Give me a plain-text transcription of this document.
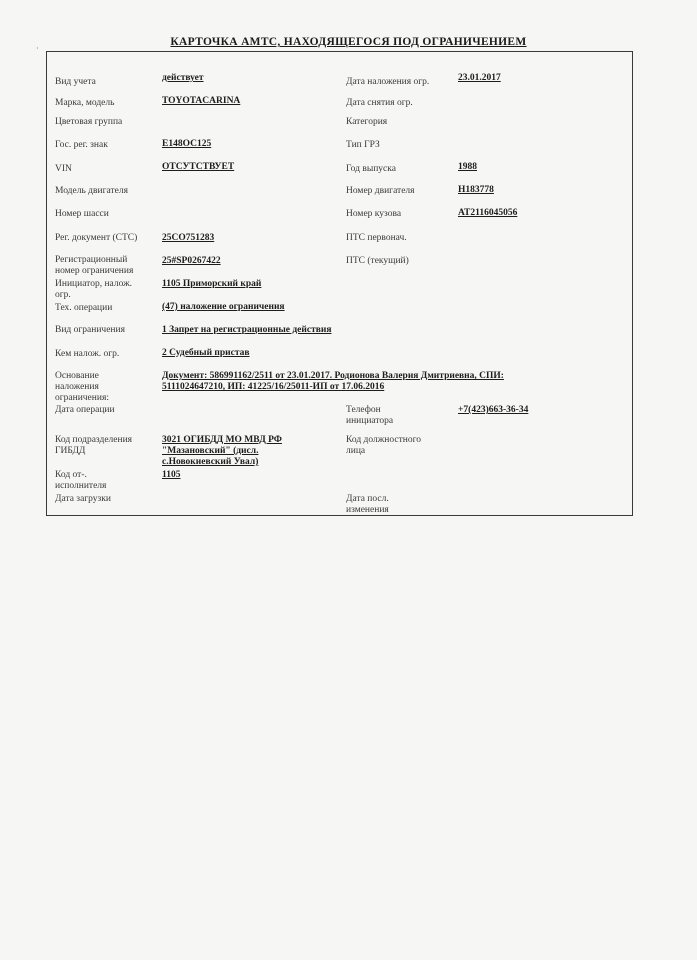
КАРТОЧКА АМТС, НАХОДЯЩЕГОСЯ ПОД ОГРАНИЧЕНИЕМ
·
Вид учета
Марка, модель
Цветовая группа
Гос. рег. знак
VIN
Модель двигателя
Номер шасси
Рег. документ (СТС)
Регистрационный
номер ограничения
Инициатор, налож.
огр.
Тех. операции
Вид ограничения
Кем налож. огр.
Основание
наложения
ограничения:
Дата операции
Код подразделения
ГИБДД
Код от-.
исполнителя
Дата загрузки
действует
TOYOTACARINA
Е148ОС125
ОТСУТСТВУЕТ
25СО751283
25#SP0267422
1105 Приморский край
(47) наложение ограничения
1 Запрет на регистрационные действия
2 Судебный пристав
Документ: 586991162/2511 от 23.01.2017. Родионова Валерия Дмитриевна, СПИ:
5111024647210, ИП: 41225/16/25011-ИП от 17.06.2016
3021 ОГИБДД МО МВД РФ
"Мазановский" (дисл.
с.Новокиевский Увал)
1105
Дата наложения огр.
Дата снятия огр.
Категория
Тип ГРЗ
Год выпуска
Номер двигателя
Номер кузова
ПТС первонач.
ПТС (текущий)
Телефон
инициатора
Код должностного
лица
Дата посл.
изменения
23.01.2017
1988
Н183778
АТ2116045056
+7(423)663-36-34
